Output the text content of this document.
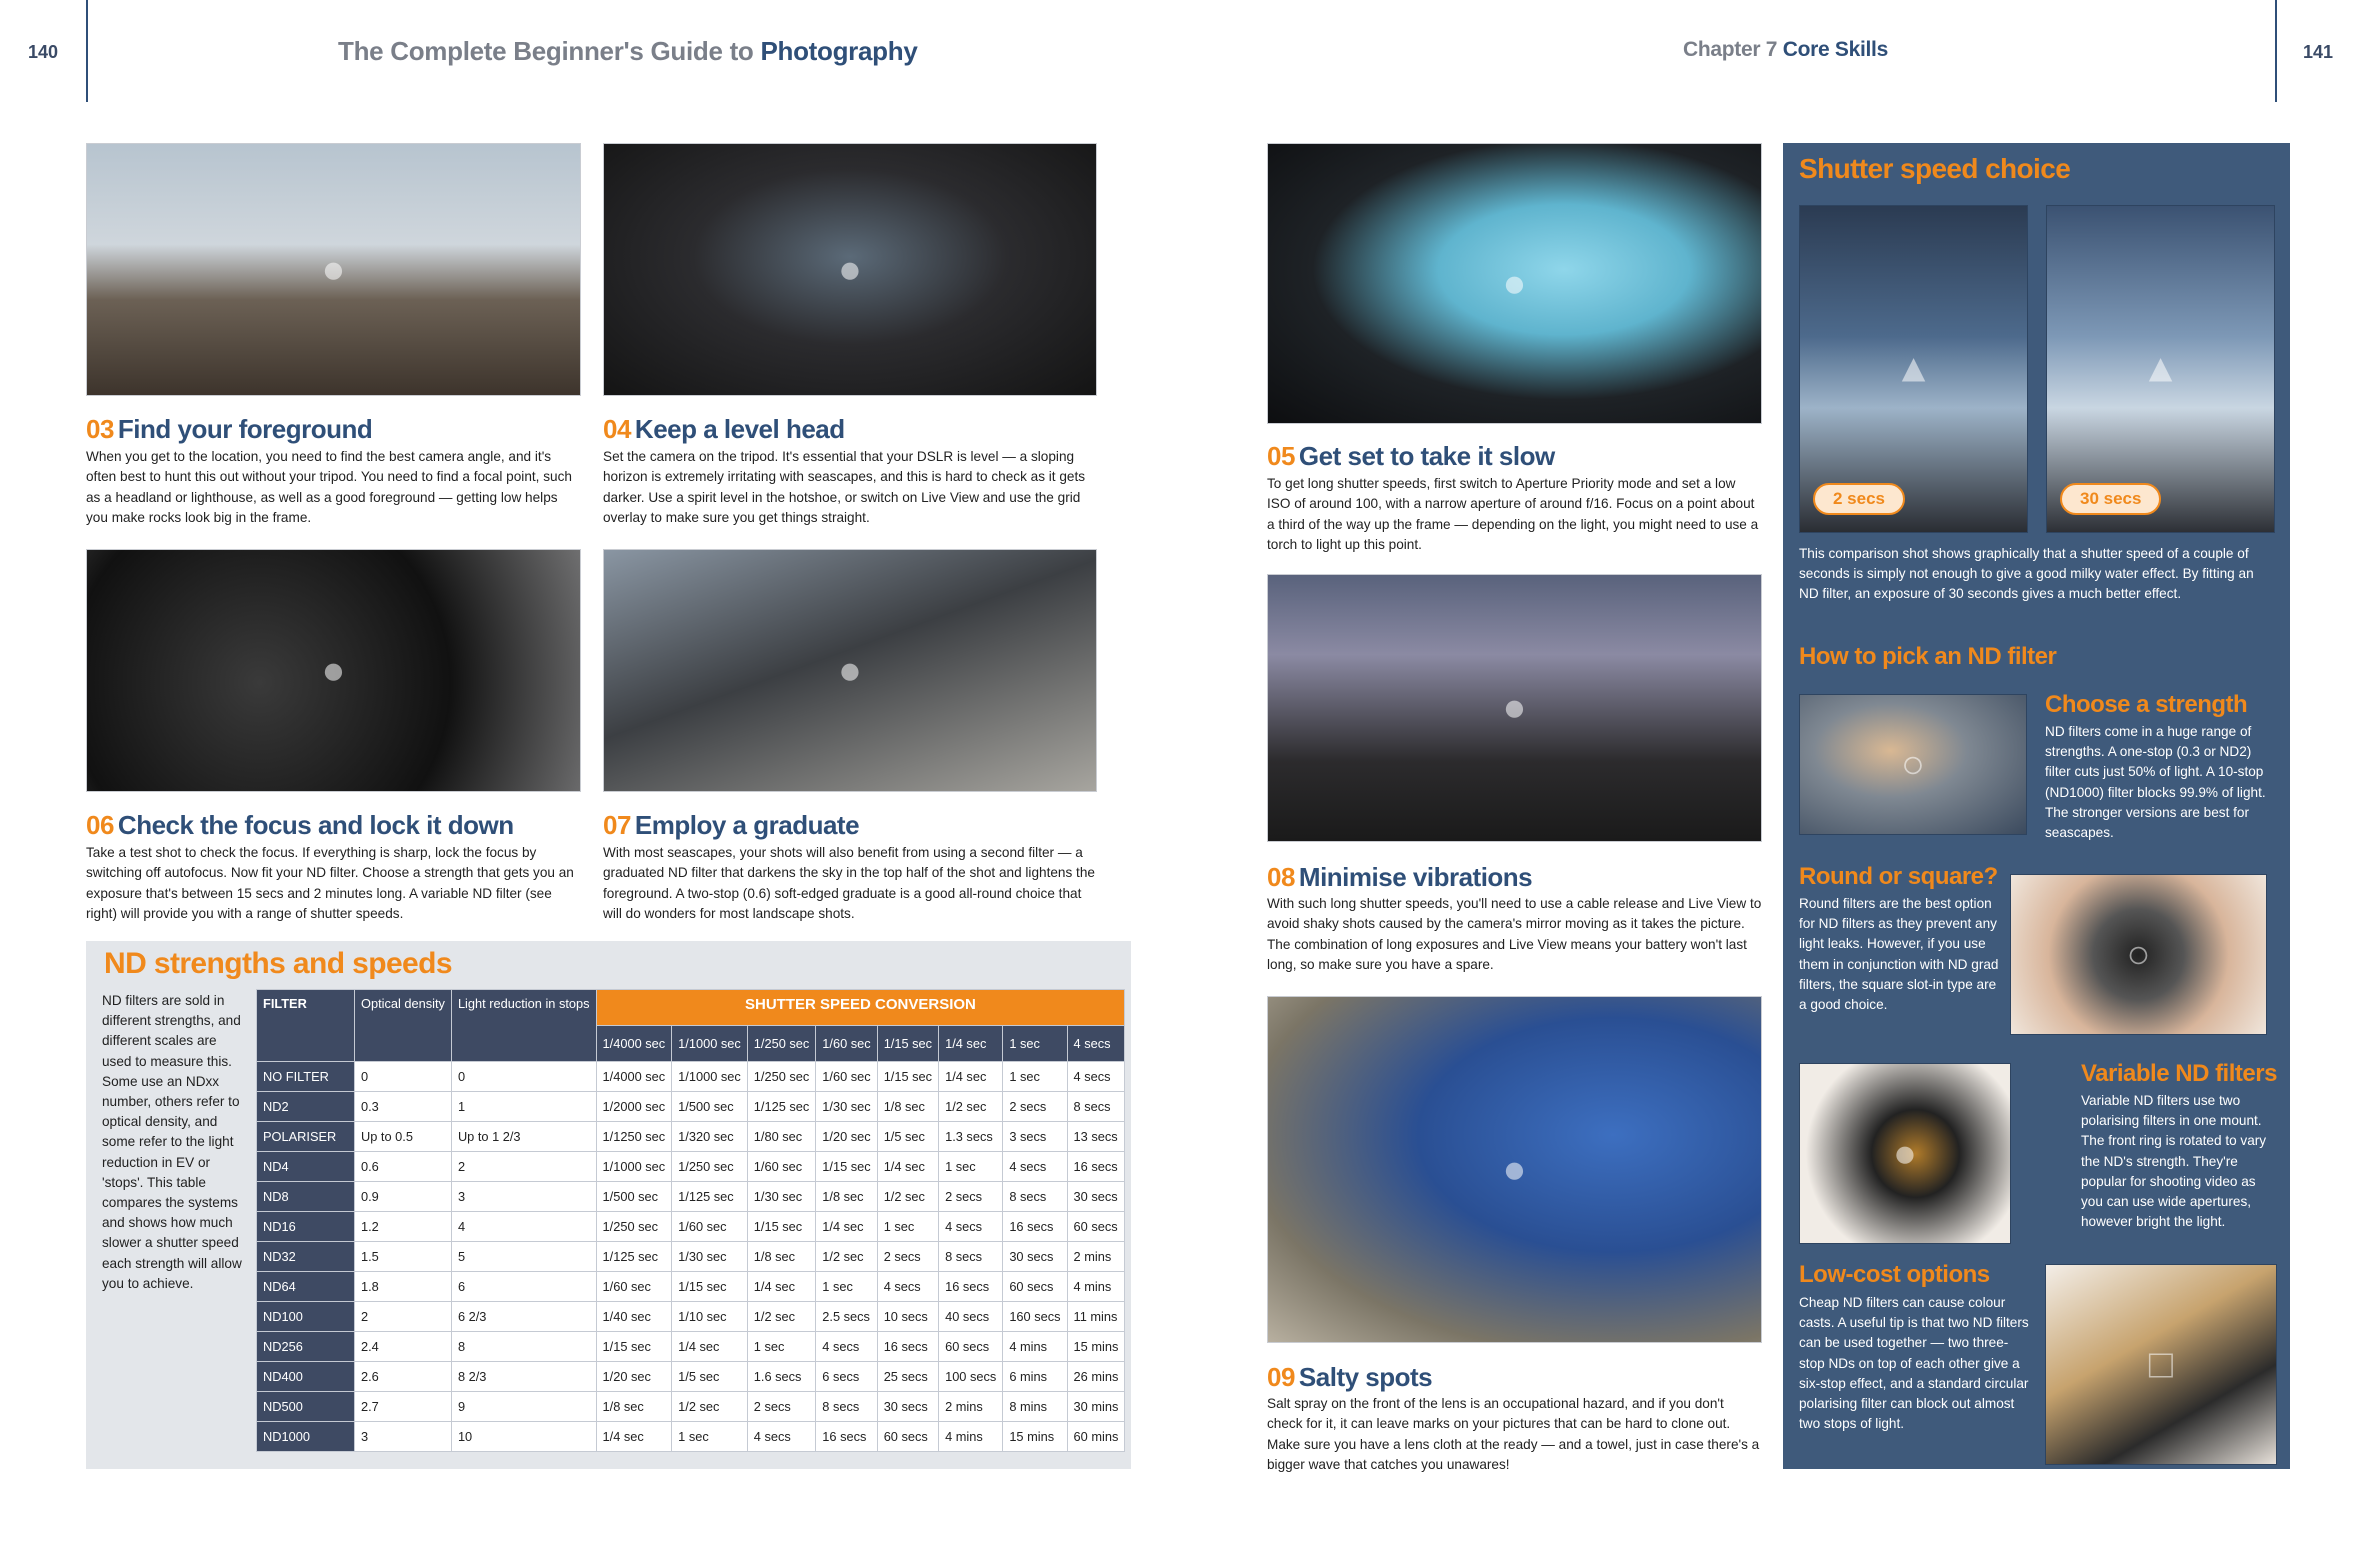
140	The Complete Beginner's Guide to Photography	Chapter 7 Core Skills	141
●	●
03 Find your foreground
When you get to the location, you need to find the best camera angle, and it's often best to hunt this out without your tripod. You need to find a focal point, such as a headland or lighthouse, as well as a good foreground — getting low helps you make rocks look big in the frame.
04 Keep a level head
Set the camera on the tripod. It's essential that your DSLR is level — a sloping horizon is extremely irritating with seascapes, and this is hard to check as it gets darker. Use a spirit level in the hotshoe, or switch on Live View and use the grid overlay to make sure you get things straight.
●	●
06 Check the focus and lock it down
Take a test shot to check the focus. If everything is sharp, lock the focus by switching off autofocus. Now fit your ND filter. Choose a strength that gets you an exposure that's between 15 secs and 2 minutes long. A variable ND filter (see right) will provide you with a range of shutter speeds.
07 Employ a graduate
With most seascapes, your shots will also benefit from using a second filter — a graduated ND filter that darkens the sky in the top half of the shot and lightens the foreground. A two-stop (0.6) soft-edged graduate is a good all-round choice that will do wonders for most landscape shots.
ND strengths and speeds
ND filters are sold in different strengths, and different scales are used to measure this. Some use an NDxx number, others refer to optical density, and some refer to the light reduction in EV or 'stops'. This table compares the systems and shows how much slower a shutter speed each strength will allow you to achieve.
FILTER	Optical density	Light reduction in stops	SHUTTER SPEED CONVERSION							
			1/4000 sec	1/1000 sec	1/250 sec	1/60 sec	1/15 sec	1/4 sec	1 sec	4 secs
NO FILTER	0	0	1/4000 sec	1/1000 sec	1/250 sec	1/60 sec	1/15 sec	1/4 sec	1 sec	4 secs
ND2	0.3	1	1/2000 sec	1/500 sec	1/125 sec	1/30 sec	1/8 sec	1/2 sec	2 secs	8 secs
POLARISER	Up to 0.5	Up to 1 2/3	1/1250 sec	1/320 sec	1/80 sec	1/20 sec	1/5 sec	1.3 secs	3 secs	13 secs
ND4	0.6	2	1/1000 sec	1/250 sec	1/60 sec	1/15 sec	1/4 sec	1 sec	4 secs	16 secs
ND8	0.9	3	1/500 sec	1/125 sec	1/30 sec	1/8 sec	1/2 sec	2 secs	8 secs	30 secs
ND16	1.2	4	1/250 sec	1/60 sec	1/15 sec	1/4 sec	1 sec	4 secs	16 secs	60 secs
ND32	1.5	5	1/125 sec	1/30 sec	1/8 sec	1/2 sec	2 secs	8 secs	30 secs	2 mins
ND64	1.8	6	1/60 sec	1/15 sec	1/4 sec	1 sec	4 secs	16 secs	60 secs	4 mins
ND100	2	6 2/3	1/40 sec	1/10 sec	1/2 sec	2.5 secs	10 secs	40 secs	160 secs	11 mins
ND256	2.4	8	1/15 sec	1/4 sec	1 sec	4 secs	16 secs	60 secs	4 mins	15 mins
ND400	2.6	8 2/3	1/20 sec	1/5 sec	1.6 secs	6 secs	25 secs	100 secs	6 mins	26 mins
ND500	2.7	9	1/8 sec	1/2 sec	2 secs	8 secs	30 secs	2 mins	8 mins	30 mins
ND1000	3	10	1/4 sec	1 sec	4 secs	16 secs	60 secs	4 mins	15 mins	60 mins
●
05 Get set to take it slow
To get long shutter speeds, first switch to Aperture Priority mode and set a low ISO of around 100, with a narrow aperture of around f/16. Focus on a point about a third of the way up the frame — depending on the light, you might need to use a torch to light up this point.
●
08 Minimise vibrations
With such long shutter speeds, you'll need to use a cable release and Live View to avoid shaky shots caused by the camera's mirror moving as it takes the picture. The combination of long exposures and Live View means your battery won't last long, so make sure you have a spare.
●
09 Salty spots
Salt spray on the front of the lens is an occupational hazard, and if you don't check for it, it can leave marks on your pictures that can be hard to clone out. Make sure you have a lens cloth at the ready — and a towel, just in case there's a bigger wave that catches you unawares!
Shutter speed choice
▲	▲
2 secs	30 secs
This comparison shot shows graphically that a shutter speed of a couple of seconds is simply not enough to give a good milky water effect. By fitting an ND filter, an exposure of 30 seconds gives a much better effect.
How to pick an ND filter
○
Choose a strength
ND filters come in a huge range of strengths. A one-stop (0.3 or ND2) filter cuts just 50% of light. A 10-stop (ND1000) filter blocks 99.9% of light. The stronger versions are best for seascapes.
Round or square?
Round filters are the best option for ND filters as they prevent any light leaks. However, if you use them in conjunction with ND grad filters, the square slot-in type are a good choice.
○
●
Variable ND filters
Variable ND filters use two polarising filters in one mount. The front ring is rotated to vary the ND's strength. They're popular for shooting video as you can use wide apertures, however bright the light.
Low-cost options
Cheap ND filters can cause colour casts. A useful tip is that two ND filters can be used together — two three-stop NDs on top of each other give a six-stop effect, and a standard circular polarising filter can block out almost two stops of light.
□
